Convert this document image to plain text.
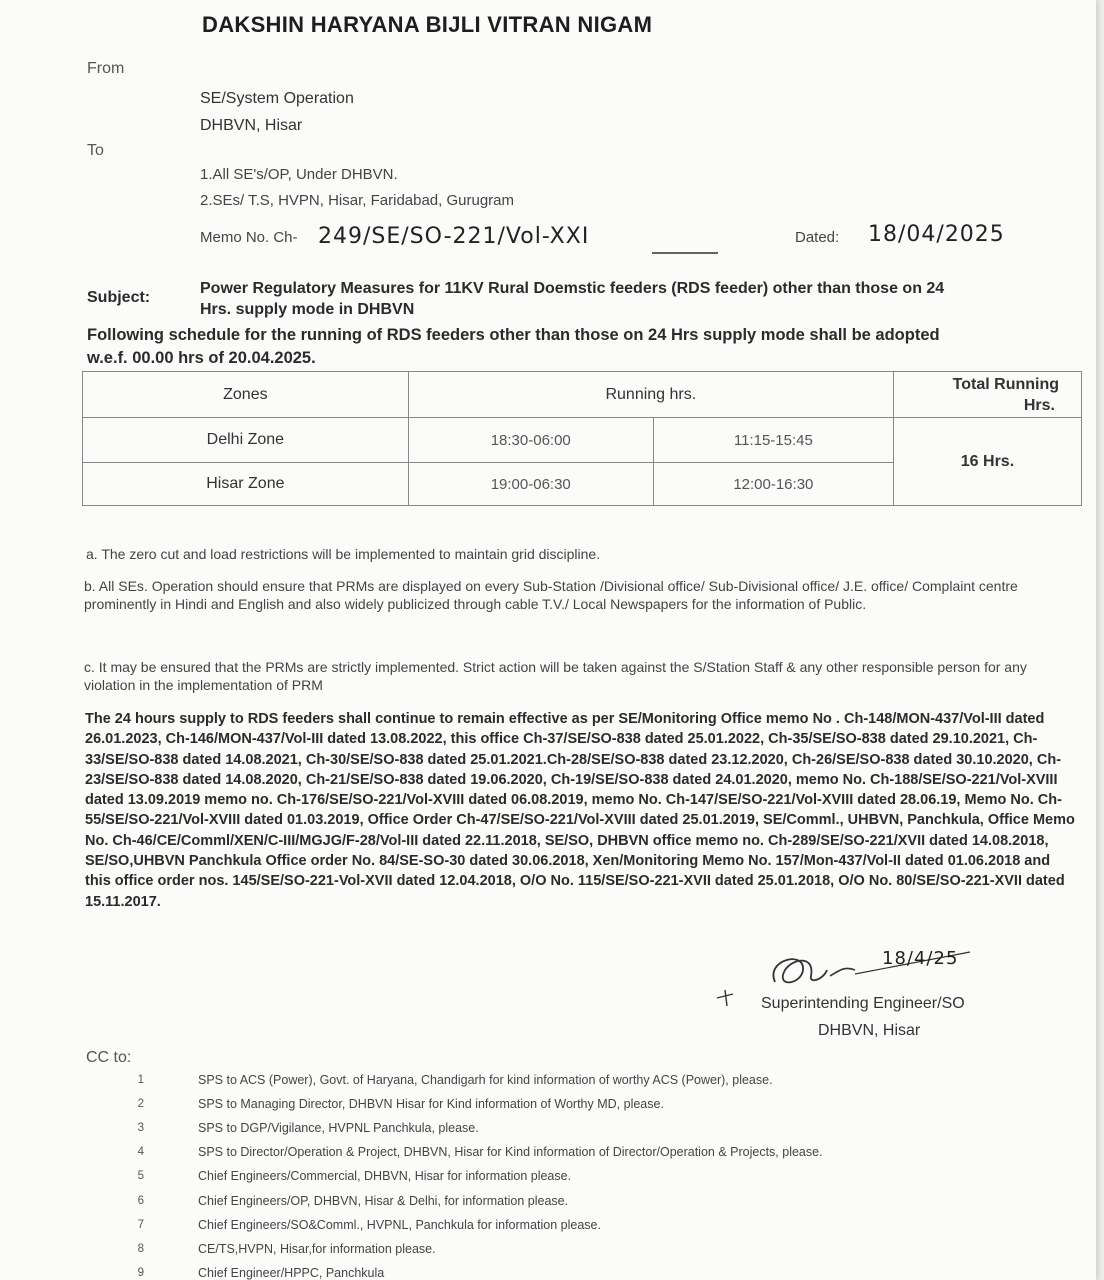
DAKSHIN HARYANA BIJLI VITRAN NIGAM
From
SE/System Operation
DHBVN, Hisar
To
1.All SE's/OP, Under DHBVN.
2.SEs/ T.S, HVPN, Hisar, Faridabad, Gurugram
Memo No. Ch- 249/SE/SO-221/Vol-XXI	Dated: 18/04/2025
Subject:
Power Regulatory Measures for 11KV Rural Doemstic feeders (RDS feeder) other than those on 24
Hrs. supply mode in DHBVN
Following schedule for the running of RDS feeders other than those on 24 Hrs supply mode shall be adopted
w.e.f. 00.00 hrs of 20.04.2025.
Zones	Running hrs.		Total Running
Hrs.

Delhi Zone	18:30-06:00	11:15-15:45	16 Hrs.
Hisar Zone	19:00-06:30	12:00-16:30	
a. The zero cut and load restrictions will be implemented to maintain grid discipline.
b. All SEs. Operation should ensure that PRMs are displayed on every Sub-Station /Divisional office/ Sub-Divisional office/ J.E. office/ Complaint centre prominently in Hindi and English and also widely publicized through cable T.V./ Local Newspapers for the information of Public.
c. It may be ensured that the PRMs are strictly implemented. Strict action will be taken against the S/Station Staff & any other responsible person for any violation in the implementation of PRM
The 24 hours supply to RDS feeders shall continue to remain effective as per SE/Monitoring Office memo No . Ch-148/MON-437/Vol-III dated 26.01.2023, Ch-146/MON-437/Vol-III dated 13.08.2022, this office Ch-37/SE/SO-838 dated 25.01.2022, Ch-35/SE/SO-838 dated 29.10.2021, Ch-33/SE/SO-838 dated 14.08.2021, Ch-30/SE/SO-838 dated 25.01.2021.Ch-28/SE/SO-838 dated 23.12.2020, Ch-26/SE/SO-838 dated 30.10.2020, Ch-23/SE/SO-838 dated 14.08.2020, Ch-21/SE/SO-838 dated 19.06.2020, Ch-19/SE/SO-838 dated 24.01.2020, memo No. Ch-188/SE/SO-221/Vol-XVIII dated 13.09.2019 memo no. Ch-176/SE/SO-221/Vol-XVIII dated 06.08.2019, memo No. Ch-147/SE/SO-221/Vol-XVIII dated 28.06.19, Memo No. Ch-55/SE/SO-221/Vol-XVIII dated 01.03.2019, Office Order Ch-47/SE/SO-221/Vol-XVIII dated 25.01.2019, SE/Comml., UHBVN, Panchkula, Office Memo No. Ch-46/CE/Comml/XEN/C-III/MGJG/F-28/Vol-III dated 22.11.2018, SE/SO, DHBVN office memo no. Ch-289/SE/SO-221/XVII dated 14.08.2018, SE/SO,UHBVN Panchkula Office order No. 84/SE-SO-30 dated 30.06.2018, Xen/Monitoring Memo No. 157/Mon-437/Vol-II dated 01.06.2018 and this office order nos. 145/SE/SO-221-Vol-XVII dated 12.04.2018, O/O No. 115/SE/SO-221-XVII dated 25.01.2018, O/O No. 80/SE/SO-221-XVII dated 15.11.2017.
18/4/25
Superintending Engineer/SO
DHBVN, Hisar
CC to:
1	SPS to ACS (Power), Govt. of Haryana, Chandigarh for kind information of worthy ACS (Power), please.
2	SPS to Managing Director, DHBVN Hisar for Kind information of Worthy MD, please.
3	SPS to DGP/Vigilance, HVPNL Panchkula, please.
4	SPS to Director/Operation & Project, DHBVN, Hisar for Kind information of Director/Operation & Projects, please.
5	Chief Engineers/Commercial, DHBVN, Hisar for information please.
6	Chief Engineers/OP, DHBVN, Hisar & Delhi, for information please.
7	Chief Engineers/SO&Comml., HVPNL, Panchkula for information please.
8	CE/TS,HVPN, Hisar,for information please.
9	Chief Engineer/HPPC, Panchkula
